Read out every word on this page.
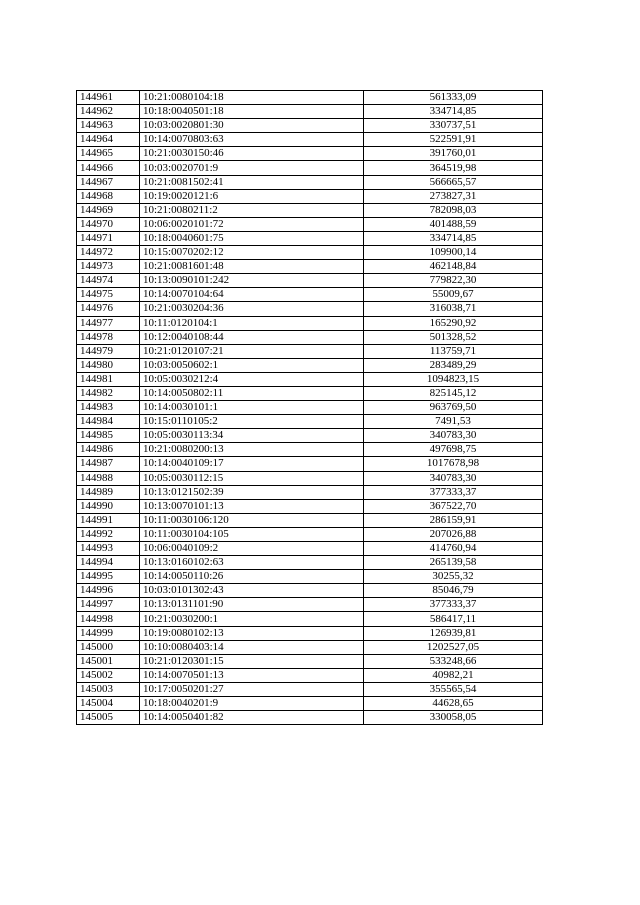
144961	10:21:0080104:18	561333,09
144962	10:18:0040501:18	334714,85
144963	10:03:0020801:30	330737,51
144964	10:14:0070803:63	522591,91
144965	10:21:0030150:46	391760,01
144966	10:03:0020701:9	364519,98
144967	10:21:0081502:41	566665,57
144968	10:19:0020121:6	273827,31
144969	10:21:0080211:2	782098,03
144970	10:06:0020101:72	401488,59
144971	10:18:0040601:75	334714,85
144972	10:15:0070202:12	109900,14
144973	10:21:0081601:48	462148,84
144974	10:13:0090101:242	779822,30
144975	10:14:0070104:64	55009,67
144976	10:21:0030204:36	316038,71
144977	10:11:0120104:1	165290,92
144978	10:12:0040108:44	501328,52
144979	10:21:0120107:21	113759,71
144980	10:03:0050602:1	283489,29
144981	10:05:0030212:4	1094823,15
144982	10:14:0050802:11	825145,12
144983	10:14:0030101:1	963769,50
144984	10:15:0110105:2	7491,53
144985	10:05:0030113:34	340783,30
144986	10:21:0080200:13	497698,75
144987	10:14:0040109:17	1017678,98
144988	10:05:0030112:15	340783,30
144989	10:13:0121502:39	377333,37
144990	10:13:0070101:13	367522,70
144991	10:11:0030106:120	286159,91
144992	10:11:0030104:105	207026,88
144993	10:06:0040109:2	414760,94
144994	10:13:0160102:63	265139,58
144995	10:14:0050110:26	30255,32
144996	10:03:0101302:43	85046,79
144997	10:13:0131101:90	377333,37
144998	10:21:0030200:1	586417,11
144999	10:19:0080102:13	126939,81
145000	10:10:0080403:14	1202527,05
145001	10:21:0120301:15	533248,66
145002	10:14:0070501:13	40982,21
145003	10:17:0050201:27	355565,54
145004	10:18:0040201:9	44628,65
145005	10:14:0050401:82	330058,05
